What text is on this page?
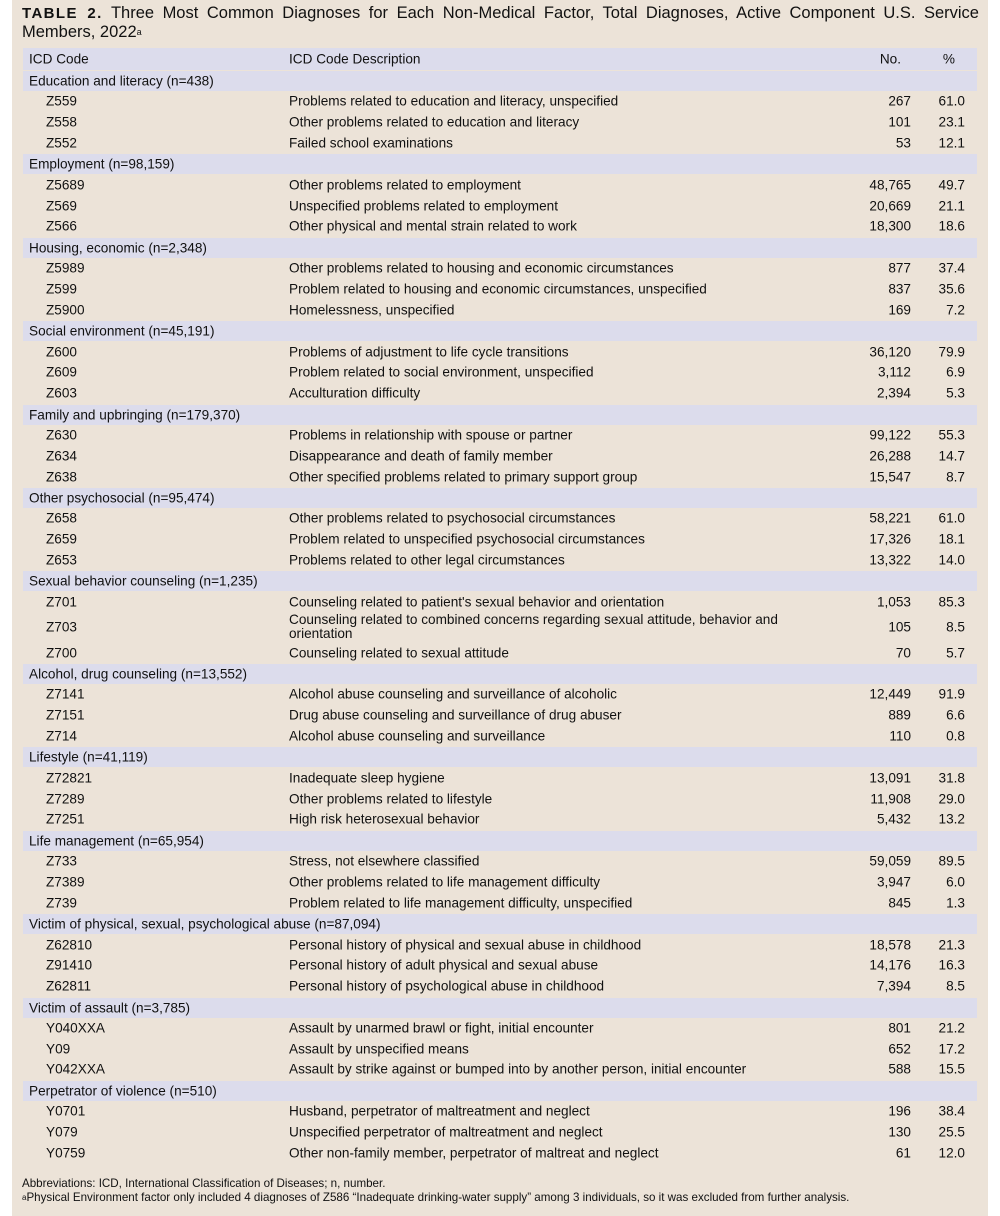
TABLE 2. Three Most Common Diagnoses for Each Non-Medical Factor, Total Diagnoses, Active Component U.S. Service Members, 2022$^a$
ICD Code	ICD Code Description	No.	%
Education and literacy (n=438)
Z559	Problems related to education and literacy, unspecified	267 61.0
Z558	Other problems related to education and literacy	101 23.1
Z552	Failed school examinations	53 12.1
Employment (n=98,159)
Z5689	Other problems related to employment	48,765 49.7
Z569	Unspecified problems related to employment	20,669 21.1
Z566	Other physical and mental strain related to work	18,300 18.6
Housing, economic (n=2,348)
Z5989	Other problems related to housing and economic circumstances	877 37.4
Z599	Problem related to housing and economic circumstances, unspecified	837 35.6
Z5900	Homelessness, unspecified	169	7.2
Social environment (n=45,191)
Z600	Problems of adjustment to life cycle transitions	36,120 79.9
Z609	Problem related to social environment, unspecified	3,112	6.9
Z603	Acculturation difficulty	2,394	5.3
Family and upbringing (n=179,370)
Z630	Problems in relationship with spouse or partner	99,122 55.3
Z634	Disappearance and death of family member	26,288 14.7
Z638	Other specified problems related to primary support group	15,547	8.7
Other psychosocial (n=95,474)
Z658	Other problems related to psychosocial circumstances	58,221 61.0
Z659	Problem related to unspecified psychosocial circumstances	17,326 18.1
Z653	Problems related to other legal circumstances	13,322 14.0
Sexual behavior counseling (n=1,235)
Z701	Counseling related to patient's sexual behavior and orientation	1,053 85.3
Z703	Counseling related to combined concerns regarding sexual attitude, behavior and orientation	105	8.5
Z700	Counseling related to sexual attitude	70	5.7
Alcohol, drug counseling (n=13,552)
Z7141	Alcohol abuse counseling and surveillance of alcoholic	12,449 91.9
Z7151	Drug abuse counseling and surveillance of drug abuser	889	6.6
Z714	Alcohol abuse counseling and surveillance	110	0.8
Lifestyle (n=41,119)
Z72821	Inadequate sleep hygiene	13,091 31.8
Z7289	Other problems related to lifestyle	11,908 29.0
Z7251	High risk heterosexual behavior	5,432 13.2
Life management (n=65,954)
Z733	Stress, not elsewhere classified	59,059 89.5
Z7389	Other problems related to life management difficulty	3,947	6.0
Z739	Problem related to life management difficulty, unspecified	845	1.3
Victim of physical, sexual, psychological abuse (n=87,094)
Z62810	Personal history of physical and sexual abuse in childhood	18,578 21.3
Z91410	Personal history of adult physical and sexual abuse	14,176 16.3
Z62811	Personal history of psychological abuse in childhood	7,394	8.5
Victim of assault (n=3,785)
Y040XXA	Assault by unarmed brawl or fight, initial encounter	801 21.2
Y09	Assault by unspecified means	652 17.2
Y042XXA	Assault by strike against or bumped into by another person, initial encounter	588 15.5
Perpetrator of violence (n=510)
Y0701	Husband, perpetrator of maltreatment and neglect	196 38.4
Y079	Unspecified perpetrator of maltreatment and neglect	130 25.5
Y0759	Other non-family member, perpetrator of maltreat and neglect	61 12.0
Abbreviations: ICD, International Classification of Diseases; n, number.
$^a$Physical Environment factor only included 4 diagnoses of Z586 “Inadequate drinking-water supply” among 3 individuals, so it was excluded from further analysis.
